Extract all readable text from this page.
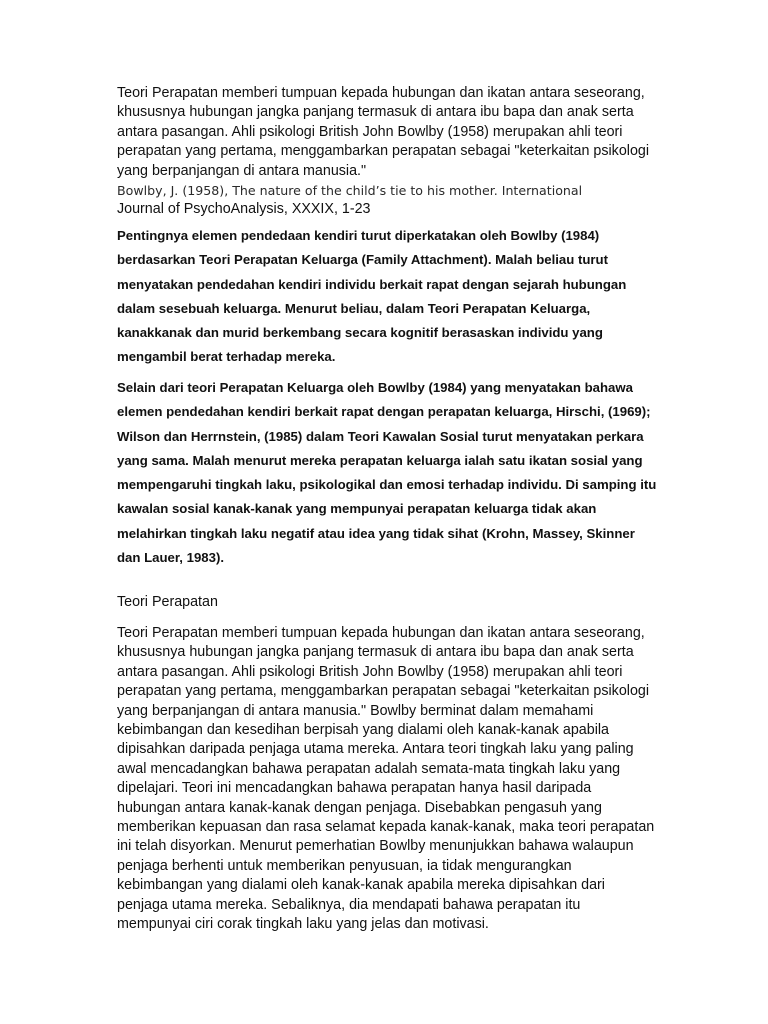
Teori Perapatan memberi tumpuan kepada hubungan dan ikatan antara seseorang, khususnya hubungan jangka panjang termasuk di antara ibu bapa dan anak serta antara pasangan. Ahli psikologi British John Bowlby (1958) merupakan ahli teori perapatan yang pertama, menggambarkan perapatan sebagai "keterkaitan psikologi yang berpanjangan di antara manusia."
Bowlby, J. (1958), The nature of the child’s tie to his mother. International
Journal of PsychoAnalysis, XXXIX, 1-23

Pentingnya elemen pendedaan kendiri turut diperkatakan oleh Bowlby (1984) berdasarkan Teori Perapatan Keluarga (Family Attachment). Malah beliau turut menyatakan pendedahan kendiri individu berkait rapat dengan sejarah hubungan dalam sesebuah keluarga. Menurut beliau, dalam Teori Perapatan Keluarga, kanakkanak dan murid berkembang secara kognitif berasaskan individu yang mengambil berat terhadap mereka.

Selain dari teori Perapatan Keluarga oleh Bowlby (1984) yang menyatakan bahawa elemen pendedahan kendiri berkait rapat dengan perapatan keluarga, Hirschi, (1969); Wilson dan Herrnstein, (1985) dalam Teori Kawalan Sosial turut menyatakan perkara yang sama. Malah menurut mereka perapatan keluarga ialah satu ikatan sosial yang mempengaruhi tingkah laku, psikologikal dan emosi terhadap individu. Di samping itu kawalan sosial kanak-kanak yang mempunyai perapatan keluarga tidak akan melahirkan tingkah laku negatif atau idea yang tidak sihat (Krohn, Massey, Skinner dan Lauer, 1983).

Teori Perapatan

Teori Perapatan memberi tumpuan kepada hubungan dan ikatan antara seseorang, khususnya hubungan jangka panjang termasuk di antara ibu bapa dan anak serta antara pasangan. Ahli psikologi British John Bowlby (1958) merupakan ahli teori perapatan yang pertama, menggambarkan perapatan sebagai "keterkaitan psikologi yang berpanjangan di antara manusia." Bowlby berminat dalam memahami kebimbangan dan kesedihan berpisah yang dialami oleh kanak-kanak apabila dipisahkan daripada penjaga utama mereka. Antara teori tingkah laku yang paling awal mencadangkan bahawa perapatan adalah semata-mata tingkah laku yang dipelajari. Teori ini mencadangkan bahawa perapatan hanya hasil daripada hubungan antara kanak-kanak dengan penjaga. Disebabkan pengasuh yang memberikan kepuasan dan rasa selamat kepada kanak-kanak, maka teori perapatan ini telah disyorkan. Menurut pemerhatian Bowlby menunjukkan bahawa walaupun penjaga berhenti untuk memberikan penyusuan, ia tidak mengurangkan kebimbangan yang dialami oleh kanak-kanak apabila mereka dipisahkan dari penjaga utama mereka. Sebaliknya, dia mendapati bahawa perapatan itu mempunyai ciri corak tingkah laku yang jelas dan motivasi.
